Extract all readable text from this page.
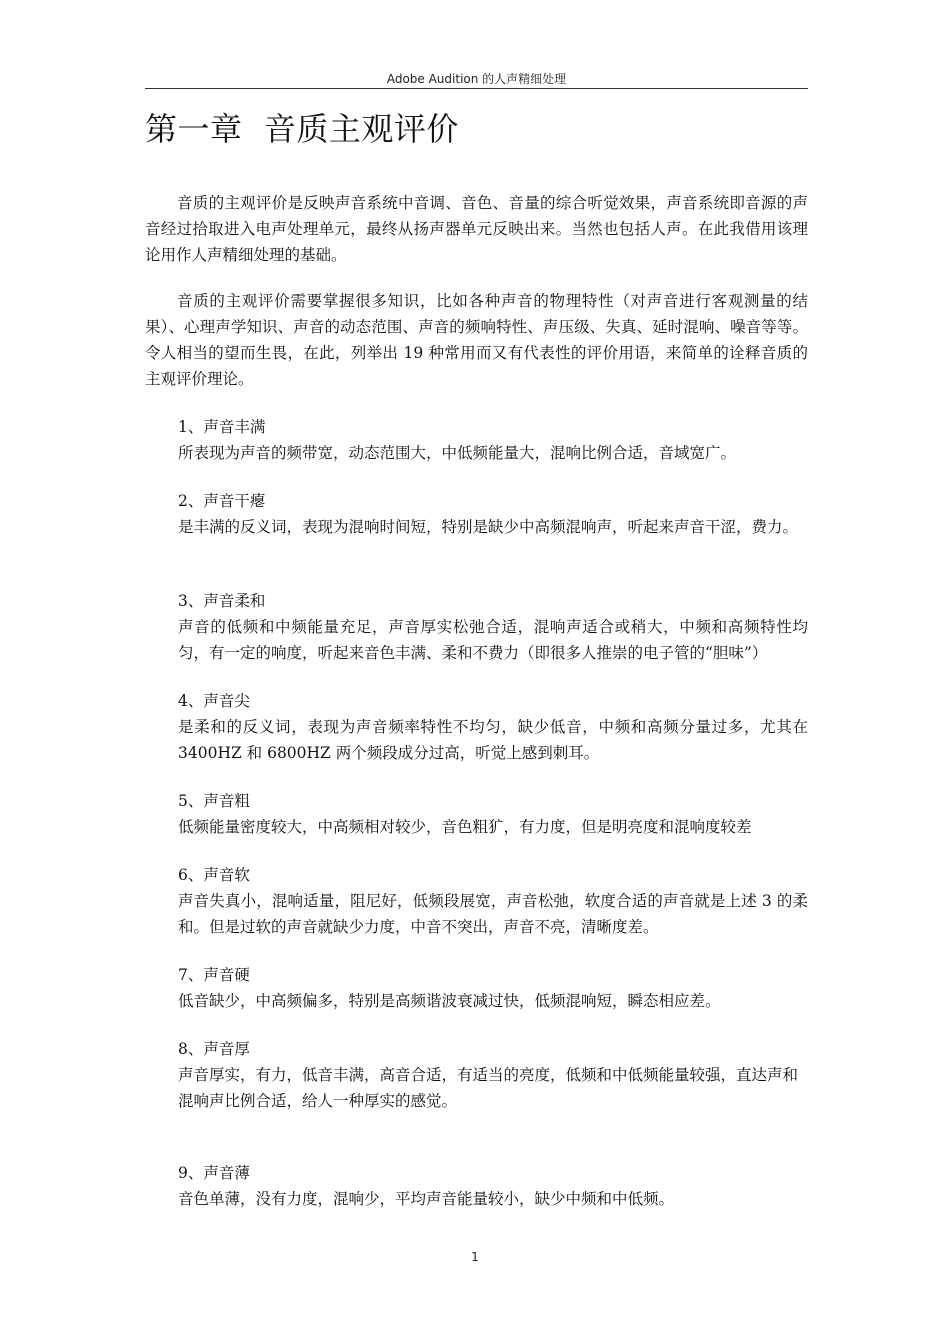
Adobe Audition 的人声精细处理
第一章  音质主观评价

音质的主观评价是反映声音系统中音调、音色、音量的综合听觉效果，声音系统即音源的声音经过拾取进入电声处理单元，最终从扬声器单元反映出来。当然也包括人声。在此我借用该理论用作人声精细处理的基础。

音质的主观评价需要掌握很多知识，比如各种声音的物理特性（对声音进行客观测量的结果）、心理声学知识、声音的动态范围、声音的频响特性、声压级、失真、延时混响、噪音等等。令人相当的望而生畏，在此，列举出 19 种常用而又有代表性的评价用语，来简单的诠释音质的主观评价理论。

1、声音丰满

所表现为声音的频带宽，动态范围大，中低频能量大，混响比例合适，音域宽广。

2、声音干瘪

是丰满的反义词，表现为混响时间短，特别是缺少中高频混响声，听起来声音干涩，费力。

3、声音柔和

声音的低频和中频能量充足，声音厚实松弛合适，混响声适合或稍大，中频和高频特性均匀，有一定的响度，听起来音色丰满、柔和不费力（即很多人推崇的电子管的“胆味”）

4、声音尖

是柔和的反义词，表现为声音频率特性不均匀，缺少低音，中频和高频分量过多，尤其在 3400HZ 和 6800HZ 两个频段成分过高，听觉上感到刺耳。

5、声音粗

低频能量密度较大，中高频相对较少，音色粗犷，有力度，但是明亮度和混响度较差

6、声音软

声音失真小，混响适量，阻尼好，低频段展宽，声音松弛，软度合适的声音就是上述 3 的柔和。但是过软的声音就缺少力度，中音不突出，声音不亮，清晰度差。

7、声音硬

低音缺少，中高频偏多，特别是高频谐波衰减过快，低频混响短，瞬态相应差。

8、声音厚

声音厚实，有力，低音丰满，高音合适，有适当的亮度，低频和中低频能量较强，直达声和

混响声比例合适，给人一种厚实的感觉。

9、声音薄

音色单薄，没有力度，混响少，平均声音能量较小，缺少中频和中低频。

1
